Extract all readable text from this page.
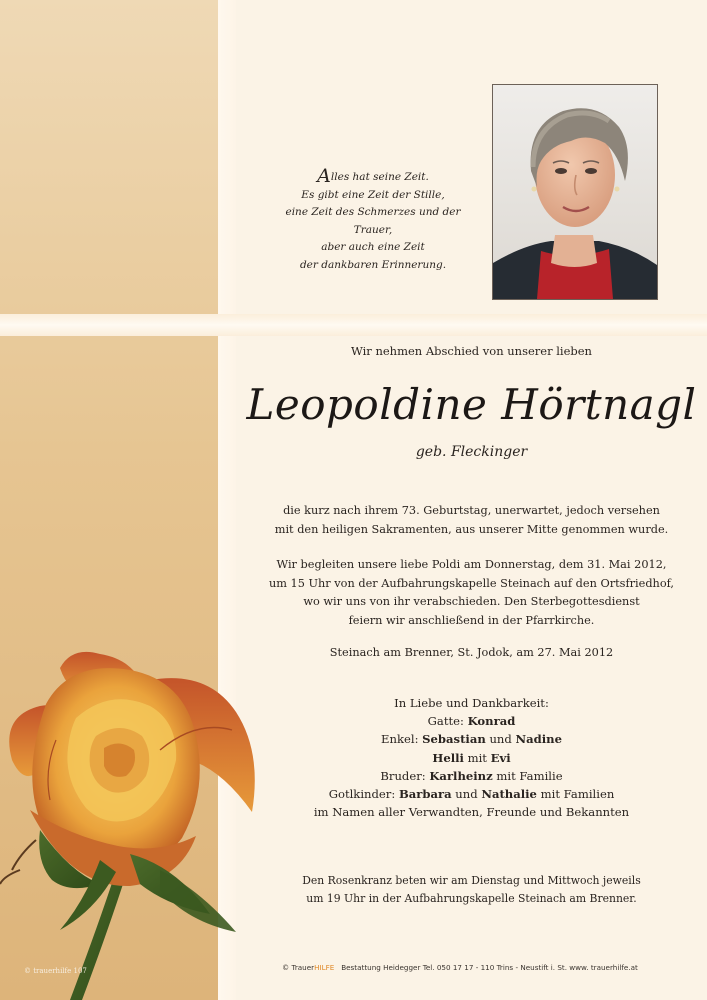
Alles hat seine Zeit.
Es gibt eine Zeit der Stille,
eine Zeit des Schmerzes und der Trauer,
aber auch eine Zeit
der dankbaren Erinnerung.
Wir nehmen Abschied von unserer lieben
Leopoldine Hörtnagl
geb. Fleckinger
die kurz nach ihrem 73. Geburtstag, unerwartet, jedoch versehen
mit den heiligen Sakramenten, aus unserer Mitte genommen wurde.
Wir begleiten unsere liebe Poldi am Donnerstag, dem 31. Mai 2012,
um 15 Uhr von der Aufbahrungskapelle Steinach auf den Ortsfriedhof,
wo wir uns von ihr verabschieden. Den Sterbegottesdienst
feiern wir anschließend in der Pfarrkirche.
Steinach am Brenner, St. Jodok, am 27. Mai 2012
In Liebe und Dankbarkeit:
Gatte: Konrad
Enkel: Sebastian und Nadine
Helli mit Evi
Bruder: Karlheinz mit Familie
Gotlkinder: Barbara und Nathalie mit Familien
im Namen aller Verwandten, Freunde und Bekannten
Den Rosenkranz beten wir am Dienstag und Mittwoch jeweils
um 19 Uhr in der Aufbahrungskapelle Steinach am Brenner.
© trauerhilfe 107	© TrauerHILFE Bestattung Heidegger Tel. 050 17 17 - 110 Trins - Neustift i. St. www. trauerhilfe.at
